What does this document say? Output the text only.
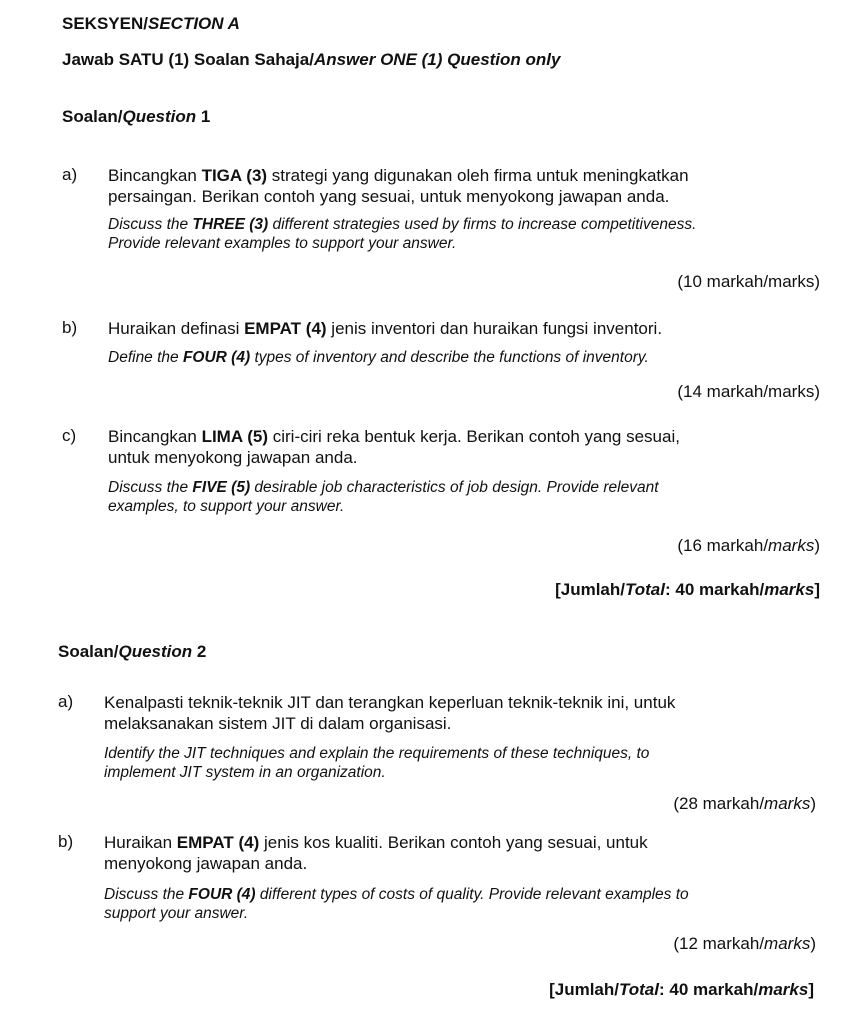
SEKSYEN/SECTION A
Jawab SATU (1) Soalan Sahaja/Answer ONE (1) Question only
Soalan/Question 1
a) Bincangkan TIGA (3) strategi yang digunakan oleh firma untuk meningkatkan
persaingan. Berikan contoh yang sesuai, untuk menyokong jawapan anda.
Discuss the THREE (3) different strategies used by firms to increase competitiveness.
Provide relevant examples to support your answer.
(10 markah/marks)
b) Huraikan definasi EMPAT (4) jenis inventori dan huraikan fungsi inventori.
Define the FOUR (4) types of inventory and describe the functions of inventory.
(14 markah/marks)
c) Bincangkan LIMA (5) ciri-ciri reka bentuk kerja. Berikan contoh yang sesuai,
untuk menyokong jawapan anda.
Discuss the FIVE (5) desirable job characteristics of job design. Provide relevant
examples, to support your answer.
(16 markah/marks)
[Jumlah/Total: 40 markah/marks]
Soalan/Question 2
a) Kenalpasti teknik-teknik JIT dan terangkan keperluan teknik-teknik ini, untuk
melaksanakan sistem JIT di dalam organisasi.
Identify the JIT techniques and explain the requirements of these techniques, to
implement JIT system in an organization.
(28 markah/marks)
b) Huraikan EMPAT (4) jenis kos kualiti. Berikan contoh yang sesuai, untuk
menyokong jawapan anda.
Discuss the FOUR (4) different types of costs of quality. Provide relevant examples to
support your answer.
(12 markah/marks)
[Jumlah/Total: 40 markah/marks]
